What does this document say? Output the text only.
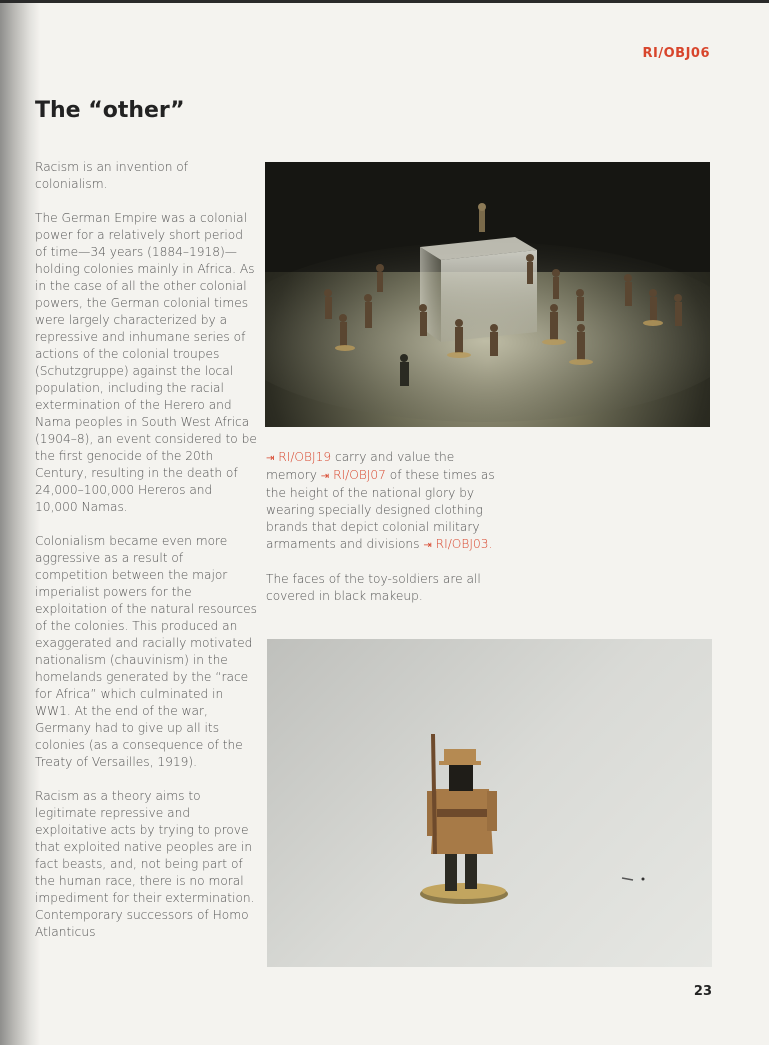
RI/OBJ06
The “other”

Racism is an invention of colonialism.

The German Empire was a colonial power for a relatively short period of time—34 years (1884–1918)—holding colonies mainly in Africa. As in the case of all the other colonial powers, the German colonial times were largely characterized by a repressive and inhumane series of actions of the colonial troupes (Schutzgruppe) against the local population, including the racial extermination of the Herero and Nama peoples in South West Africa (1904–8), an event considered to be the first genocide of the 20th Century, resulting in the death of 24,000–100,000 Hereros and 10,000 Namas.

Colonialism became even more aggressive as a result of competition between the major imperialist powers for the exploitation of the natural resources of the colonies. This produced an exaggerated and racially motivated nationalism (chauvinism) in the homelands generated by the “race for Africa” which culminated in WW1. At the end of the war, Germany had to give up all its colonies (as a consequence of the Treaty of Versailles, 1919).

Racism as a theory aims to legitimate repressive and exploitative acts by trying to prove that exploited native peoples are in fact beasts, and, not being part of the human race, there is no moral impediment for their extermination. Contemporary successors of Homo Atlanticus

⇥ RI/OBJ19 carry and value the memory ⇥ RI/OBJ07 of these times as the height of the national glory by wearing specially designed clothing brands that depict colonial military armaments and divisions ⇥ RI/OBJ03.

The faces of the toy-soldiers are all covered in black makeup.

23
